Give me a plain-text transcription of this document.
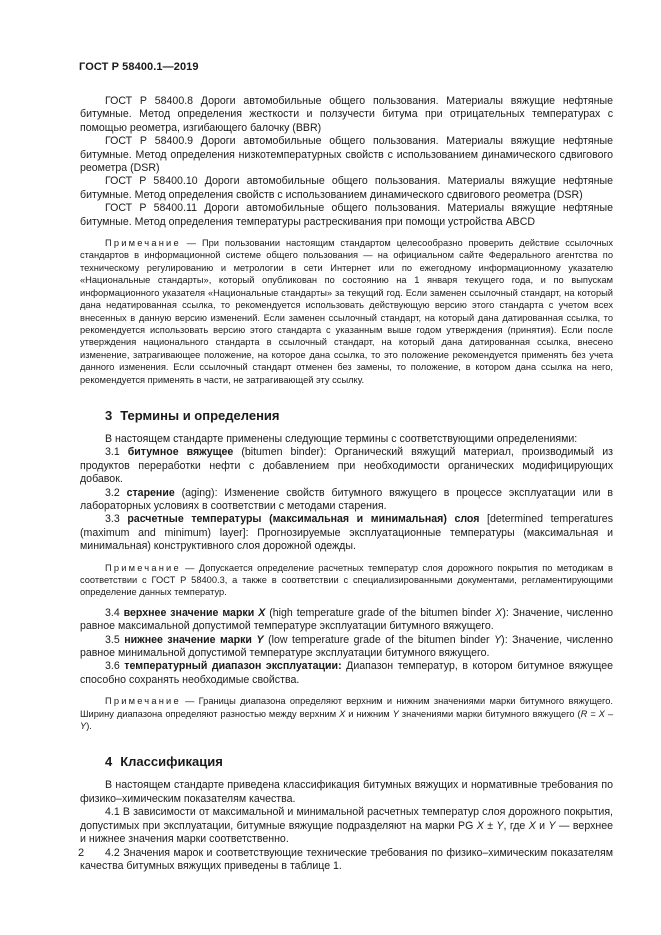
ГОСТ Р 58400.1—2019

ГОСТ Р 58400.8 Дороги автомобильные общего пользования. Материалы вяжущие нефтяные битумные. Метод определения жесткости и ползучести битума при отрицательных температурах с помощью реометра, изгибающего балочку (BBR)

ГОСТ Р 58400.9 Дороги автомобильные общего пользования. Материалы вяжущие нефтяные битумные. Метод определения низкотемпературных свойств с использованием динамического сдвигового реометра (DSR)

ГОСТ Р 58400.10 Дороги автомобильные общего пользования. Материалы вяжущие нефтяные битумные. Метод определения свойств с использованием динамического сдвигового реометра (DSR)

ГОСТ Р 58400.11 Дороги автомобильные общего пользования. Материалы вяжущие нефтяные битумные. Метод определения температуры растрескивания при помощи устройства ABCD

Примечание — При пользовании настоящим стандартом целесообразно проверить действие ссылочных стандартов в информационной системе общего пользования — на официальном сайте Федерального агентства по техническому регулированию и метрологии в сети Интернет или по ежегодному информационному указателю «Национальные стандарты», который опубликован по состоянию на 1 января текущего года, и по выпускам информационного указателя «Национальные стандарты» за текущий год. Если заменен ссылочный стандарт, на который дана недатированная ссылка, то рекомендуется использовать действующую версию этого стандарта с учетом всех внесенных в данную версию изменений. Если заменен ссылочный стандарт, на который дана датированная ссылка, то рекомендуется использовать версию этого стандарта с указанным выше годом утверждения (принятия). Если после утверждения национального стандарта в ссылочный стандарт, на который дана датированная ссылка, внесено изменение, затрагивающее положение, на которое дана ссылка, то это положение рекомендуется применять без учета данного изменения. Если ссылочный стандарт отменен без замены, то положение, в котором дана ссылка на него, рекомендуется применять в части, не затрагивающей эту ссылку.

3 Термины и определения

В настоящем стандарте применены следующие термины с соответствующими определениями:

3.1 битумное вяжущее (bitumen binder): Органический вяжущий материал, производимый из продуктов переработки нефти с добавлением при необходимости органических модифицирующих добавок.

3.2 старение (aging): Изменение свойств битумного вяжущего в процессе эксплуатации или в лабораторных условиях в соответствии с методами старения.

3.3 расчетные температуры (максимальная и минимальная) слоя [determined temperatures (maximum and minimum) layer]: Прогнозируемые эксплуатационные температуры (максимальная и минимальная) конструктивного слоя дорожной одежды.

Примечание — Допускается определение расчетных температур слоя дорожного покрытия по методикам в соответствии с ГОСТ Р 58400.3, а также в соответствии с специализированными документами, регламентирующими определение данных температур.

3.4 верхнее значение марки X (high temperature grade of the bitumen binder X): Значение, численно равное максимальной допустимой температуре эксплуатации битумного вяжущего.

3.5 нижнее значение марки Y (low temperature grade of the bitumen binder Y): Значение, численно равное минимальной допустимой температуре эксплуатации битумного вяжущего.

3.6 температурный диапазон эксплуатации: Диапазон температур, в котором битумное вяжущее способно сохранять необходимые свойства.

Примечание — Границы диапазона определяют верхним и нижним значениями марки битумного вяжущего. Ширину диапазона определяют разностью между верхним X и нижним Y значениями марки битумного вяжущего (R = X – Y).

4 Классификация

В настоящем стандарте приведена классификация битумных вяжущих и нормативные требования по физико–химическим показателям качества.

4.1 В зависимости от максимальной и минимальной расчетных температур слоя дорожного покрытия, допустимых при эксплуатации, битумные вяжущие подразделяют на марки PG X ± Y, где X и Y — верхнее и нижнее значения марки соответственно.

4.2 Значения марок и соответствующие технические требования по физико–химическим показателям качества битумных вяжущих приведены в таблице 1.

2
